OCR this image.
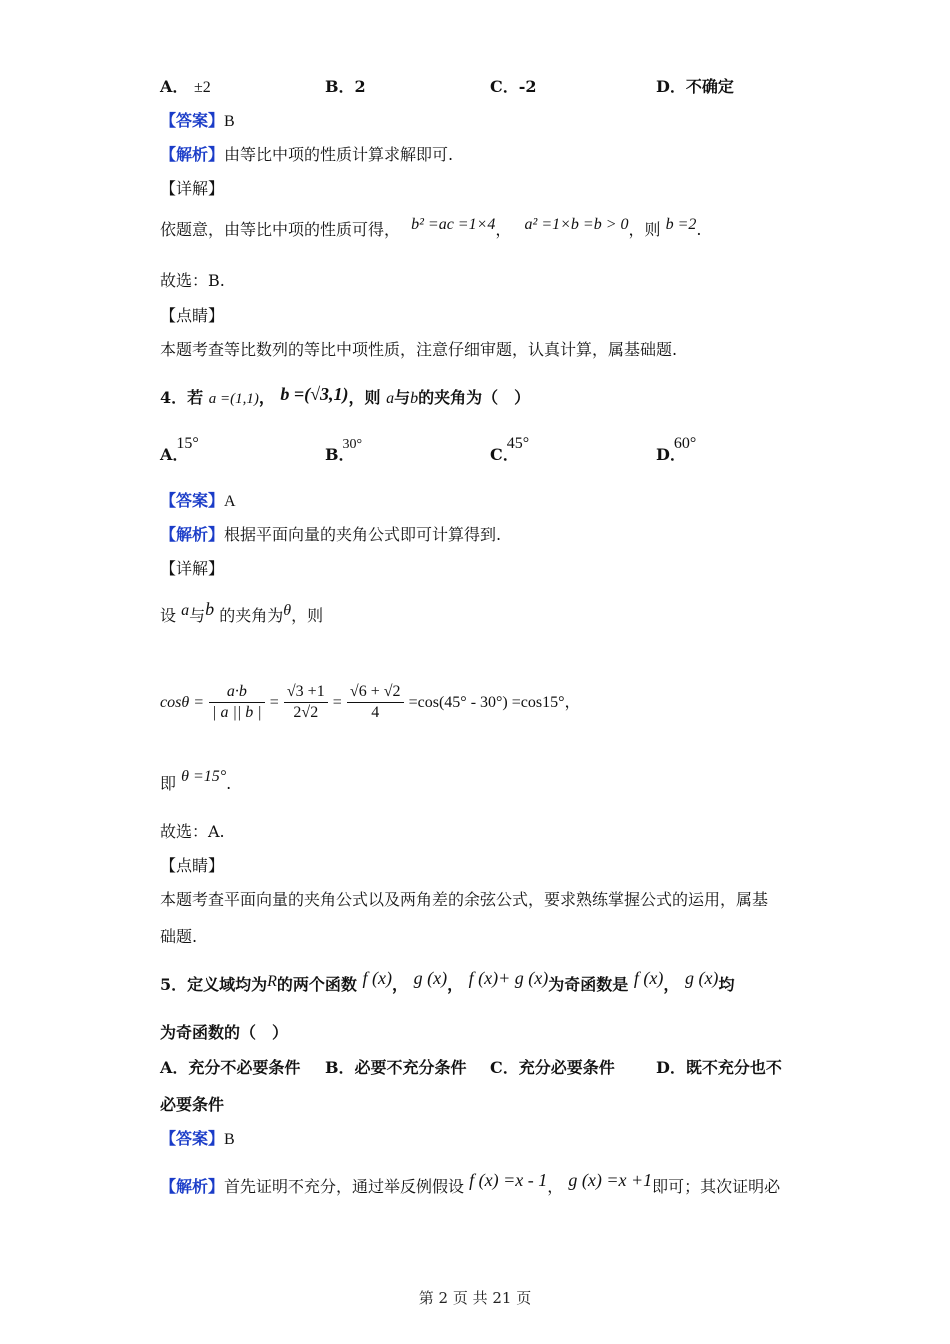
A． ±2	B．2	C．-2	D．不确定
【答案】B
【解析】由等比中项的性质计算求解即可.
【详解】
依题意，由等比中项的性质可得， b² =ac =1×4， a² =1×b =b > 0，则 b =2.
故选：B.
【点睛】
本题考查等比数列的等比中项性质，注意仔细审题，认真计算，属基础题.
4．若 a =(1,1)， b =(√3,1)，则 a与b的夹角为（　）
A．15°
B．30°
C．45°
D．60°
【答案】A
【解析】根据平面向量的夹角公式即可计算得到.
【详解】
设 a与b 的夹角为θ，则
$\cos\theta = \frac{a\cdot b}{| a || b |} = \frac{√3 +1}{2√2} = \frac{√6 + √2}{4} =\cos(45^\circ - 30^\circ) =\cos 15^\circ$，
即 θ =15°.
故选：A.
【点睛】
本题考查平面向量的夹角公式以及两角差的余弦公式，要求熟练掌握公式的运用，属基
础题.
5．定义域均为R的两个函数 f (x)， g (x)， f (x)+ g (x)为奇函数是 f (x)， g (x)均
为奇函数的（　）
A．充分不必要条件 B．必要不充分条件 C．充分必要条件	D．既不充分也不
必要条件
【答案】B
【解析】首先证明不充分，通过举反例假设 f (x) =x - 1， g (x) =x +1即可；其次证明必
第 2 页 共 21 页
